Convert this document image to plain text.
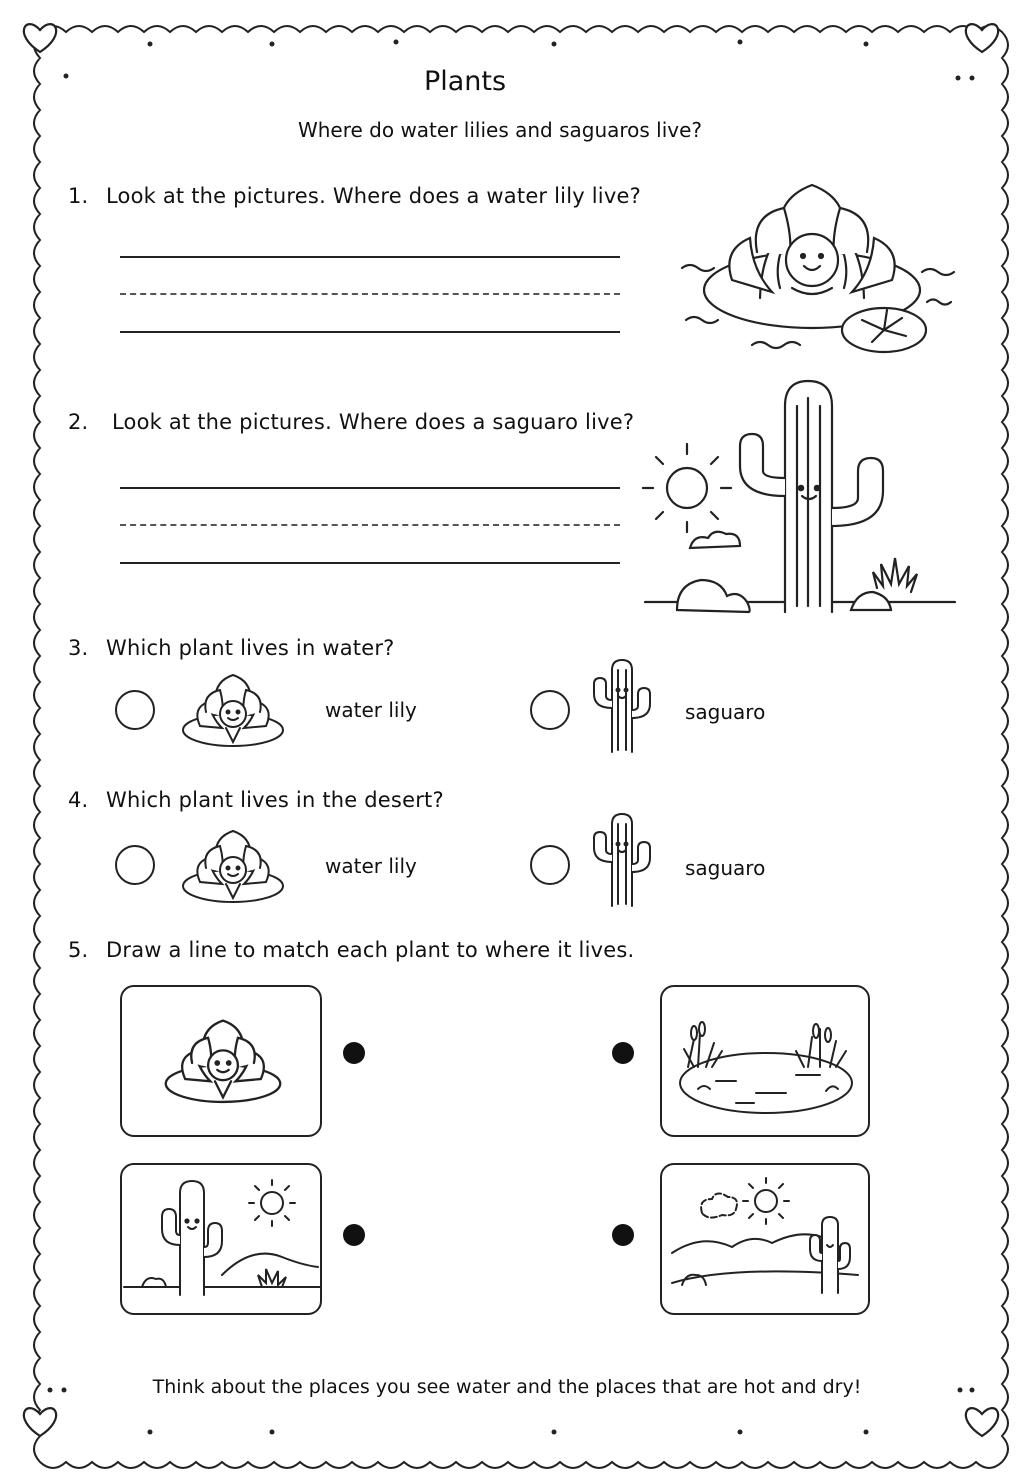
Plants
Where do water lilies and saguaros live?
1. Look at the pictures. Where does a water lily live?
2. Look at the pictures. Where does a saguaro live?
3. Which plant lives in water?
water lily	saguaro
4. Which plant lives in the desert?
water lily	saguaro
5. Draw a line to match each plant to where it lives.
Think about the places you see water and the places that are hot and dry!
